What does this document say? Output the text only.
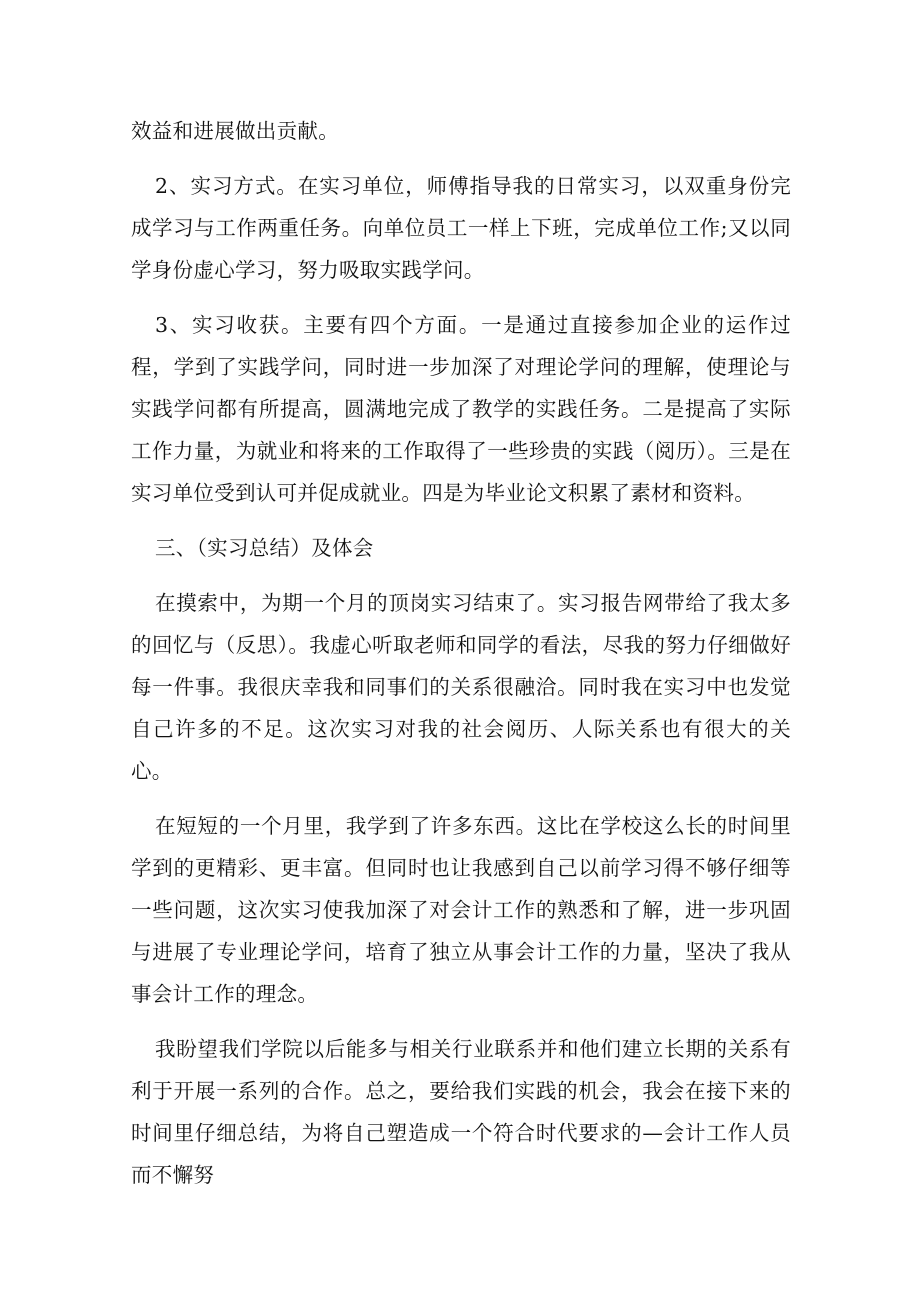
效益和进展做出贡献。

2、实习方式。在实习单位，师傅指导我的日常实习，以双重身份完成学习与工作两重任务。向单位员工一样上下班，完成单位工作;又以同学身份虚心学习，努力吸取实践学问。

3、实习收获。主要有四个方面。一是通过直接参加企业的运作过程，学到了实践学问，同时进一步加深了对理论学问的理解，使理论与实践学问都有所提高，圆满地完成了教学的实践任务。二是提高了实际工作力量，为就业和将来的工作取得了一些珍贵的实践（阅历）。三是在实习单位受到认可并促成就业。四是为毕业论文积累了素材和资料。

三、（实习总结）及体会

在摸索中，为期一个月的顶岗实习结束了。实习报告网带给了我太多的回忆与（反思）。我虚心听取老师和同学的看法，尽我的努力仔细做好每一件事。我很庆幸我和同事们的关系很融洽。同时我在实习中也发觉自己许多的不足。这次实习对我的社会阅历、人际关系也有很大的关心。

在短短的一个月里，我学到了许多东西。这比在学校这么长的时间里学到的更精彩、更丰富。但同时也让我感到自己以前学习得不够仔细等一些问题，这次实习使我加深了对会计工作的熟悉和了解，进一步巩固与进展了专业理论学问，培育了独立从事会计工作的力量，坚决了我从事会计工作的理念。

我盼望我们学院以后能多与相关行业联系并和他们建立长期的关系有利于开展一系列的合作。总之，要给我们实践的机会，我会在接下来的时间里仔细总结，为将自己塑造成一个符合时代要求的—会计工作人员而不懈努
